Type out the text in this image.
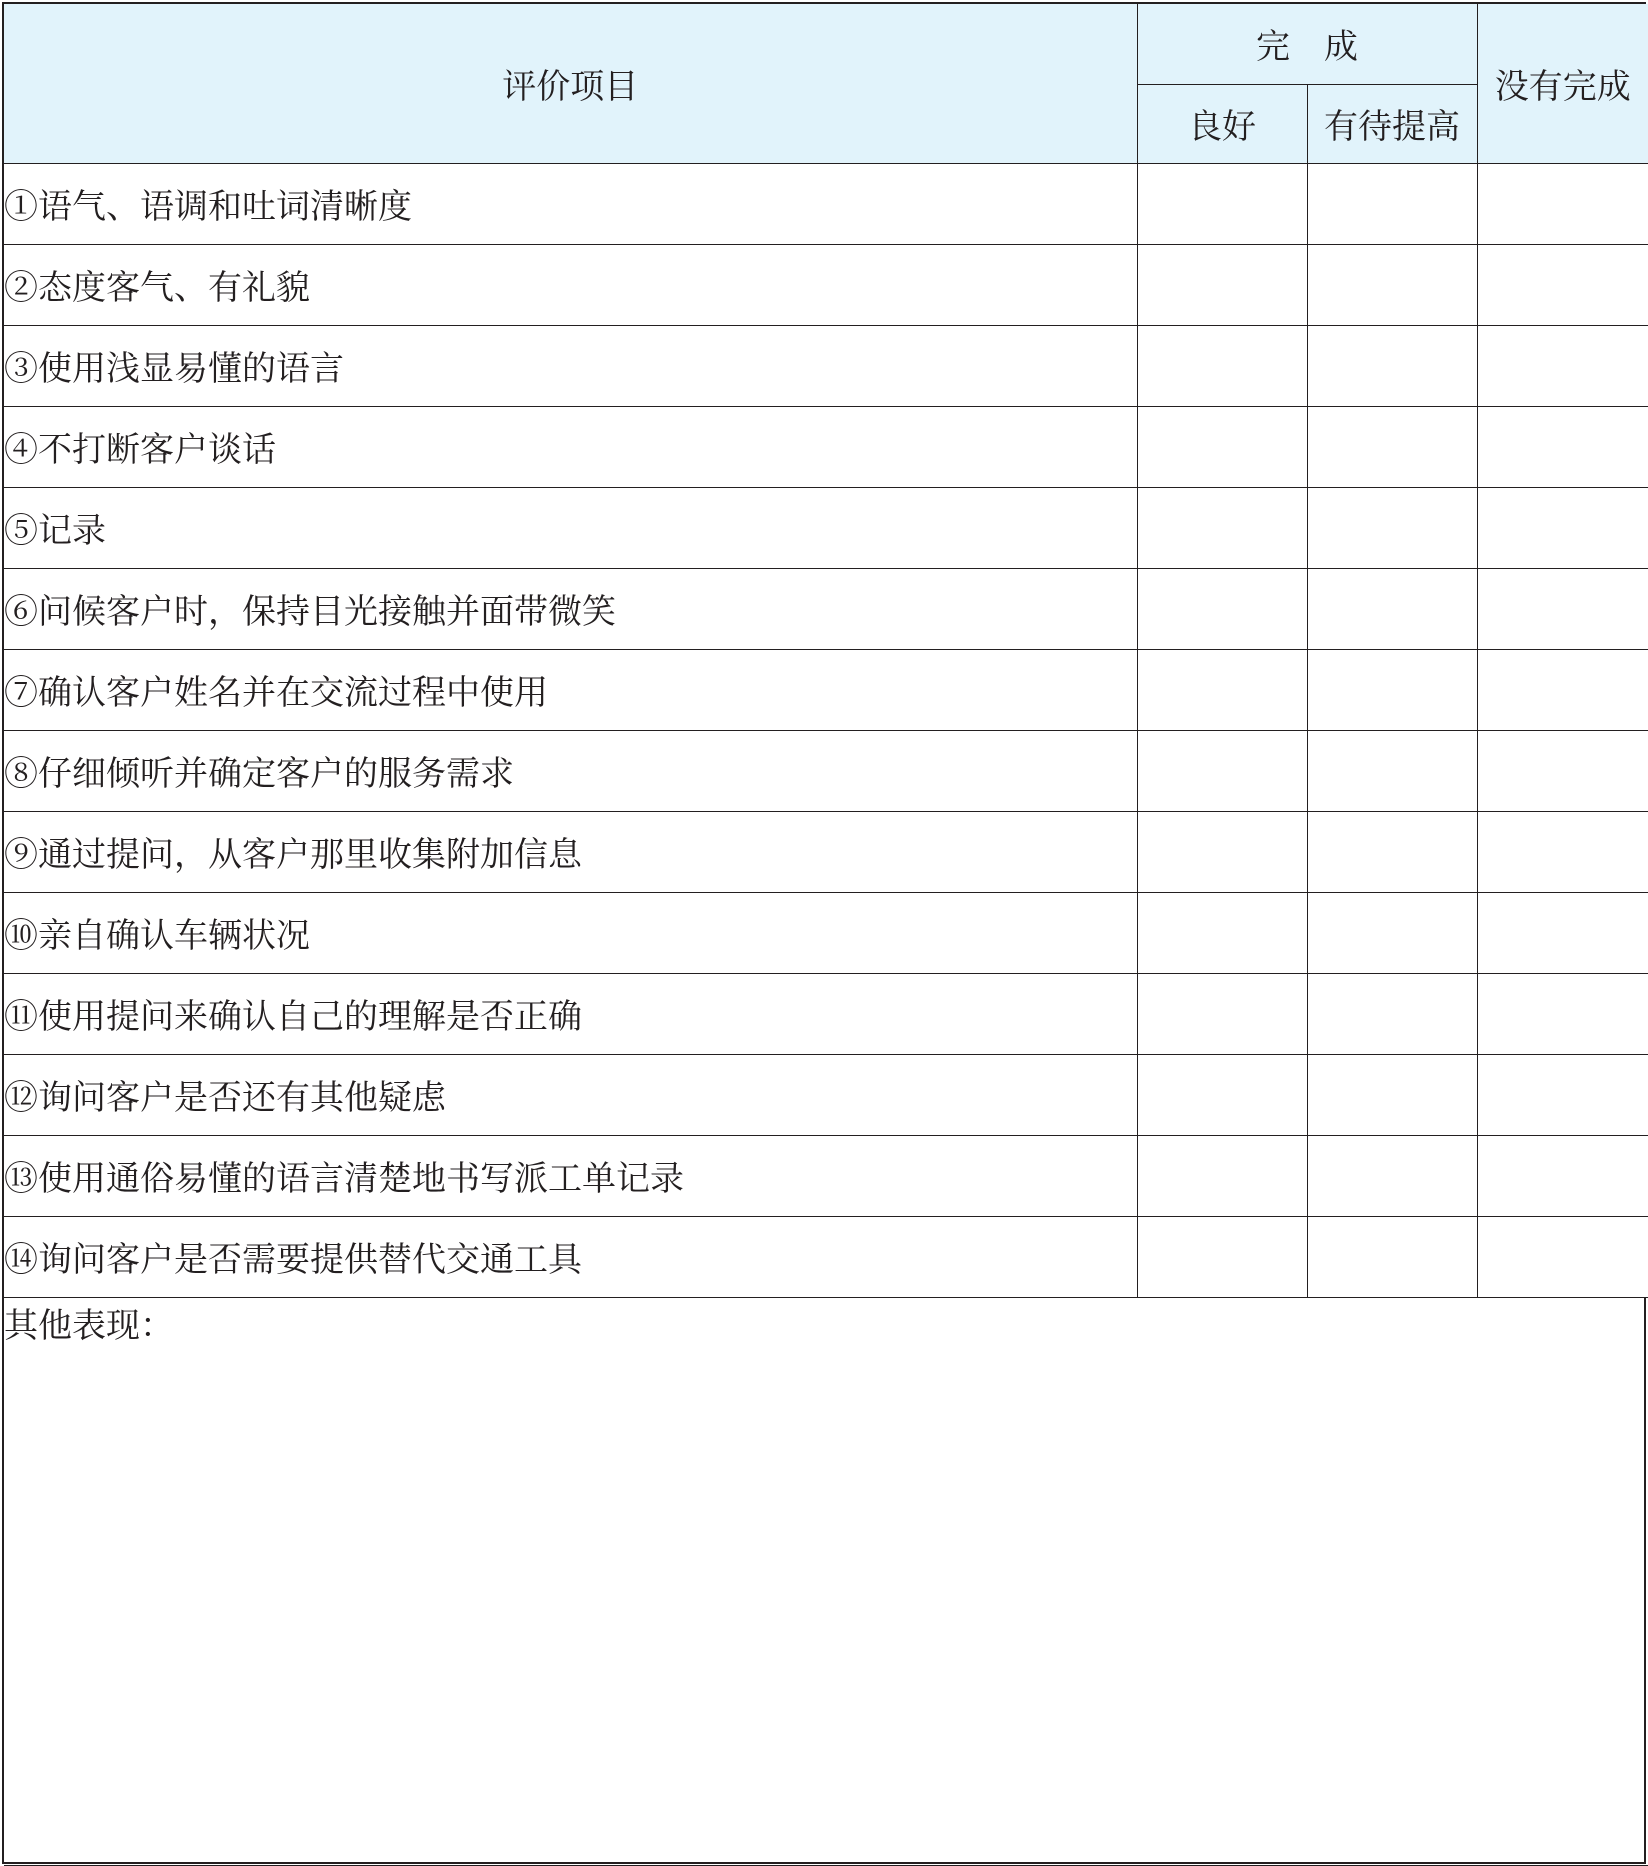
评价项目	完　成		没有完成
	良好	有待提高	
①语气、语调和吐词清晰度			
②态度客气、有礼貌			
③使用浅显易懂的语言			
④不打断客户谈话			
⑤记录			
⑥问候客户时，保持目光接触并面带微笑			
⑦确认客户姓名并在交流过程中使用			
⑧仔细倾听并确定客户的服务需求			
⑨通过提问，从客户那里收集附加信息			
⑩亲自确认车辆状况			
⑪使用提问来确认自己的理解是否正确			
⑫询问客户是否还有其他疑虑			
⑬使用通俗易懂的语言清楚地书写派工单记录			
⑭询问客户是否需要提供替代交通工具			
其他表现：			
